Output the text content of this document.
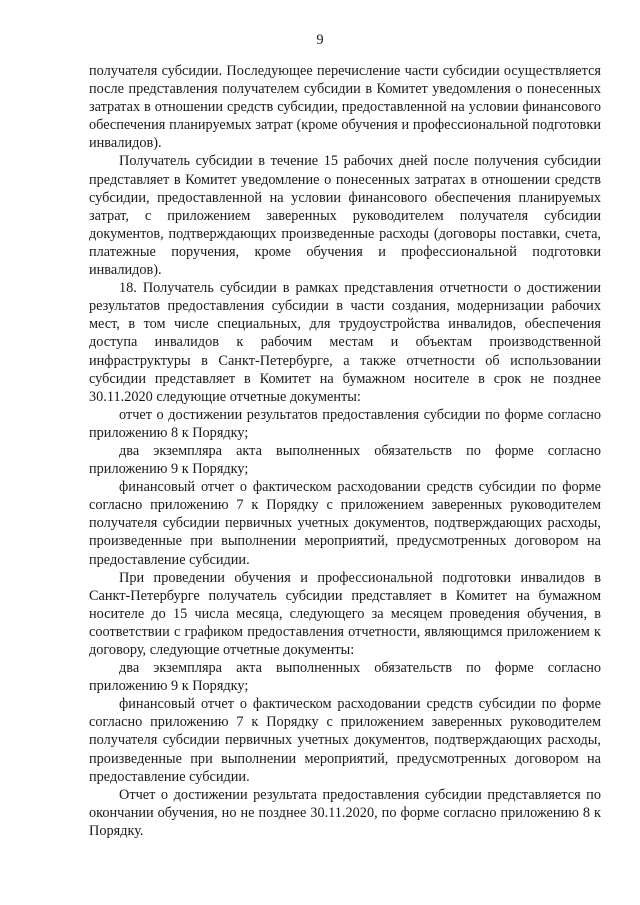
9

получателя субсидии. Последующее перечисление части субсидии осуществляется после представления получателем субсидии в Комитет уведомления о понесенных затратах в отношении средств субсидии, предоставленной на условии финансового обеспечения планируемых затрат (кроме обучения и профессиональной подготовки инвалидов).

Получатель субсидии в течение 15 рабочих дней после получения субсидии представляет в Комитет уведомление о понесенных затратах в отношении средств субсидии, предоставленной на условии финансового обеспечения планируемых затрат, с приложением заверенных руководителем получателя субсидии документов, подтверждающих произведенные расходы (договоры поставки, счета, платежные поручения, кроме обучения и профессиональной подготовки инвалидов).

18. Получатель субсидии в рамках представления отчетности о достижении результатов предоставления субсидии в части создания, модернизации рабочих мест, в том числе специальных, для трудоустройства инвалидов, обеспечения доступа инвалидов к рабочим местам и объектам производственной инфраструктуры в Санкт-Петербурге, а также отчетности об использовании субсидии представляет в Комитет на бумажном носителе в срок не позднее 30.11.2020 следующие отчетные документы:

отчет о достижении результатов предоставления субсидии по форме согласно приложению 8 к Порядку;

два экземпляра акта выполненных обязательств по форме согласно приложению 9 к Порядку;

финансовый отчет о фактическом расходовании средств субсидии по форме согласно приложению 7 к Порядку с приложением заверенных руководителем получателя субсидии первичных учетных документов, подтверждающих расходы, произведенные при выполнении мероприятий, предусмотренных договором на предоставление субсидии.

При проведении обучения и профессиональной подготовки инвалидов в Санкт-Петербурге получатель субсидии представляет в Комитет на бумажном носителе до 15 числа месяца, следующего за месяцем проведения обучения, в соответствии с графиком предоставления отчетности, являющимся приложением к договору, следующие отчетные документы:

два экземпляра акта выполненных обязательств по форме согласно приложению 9 к Порядку;

финансовый отчет о фактическом расходовании средств субсидии по форме согласно приложению 7 к Порядку с приложением заверенных руководителем получателя субсидии первичных учетных документов, подтверждающих расходы, произведенные при выполнении мероприятий, предусмотренных договором на предоставление субсидии.

Отчет о достижении результата предоставления субсидии представляется по окончании обучения, но не позднее 30.11.2020, по форме согласно приложению 8 к Порядку.
